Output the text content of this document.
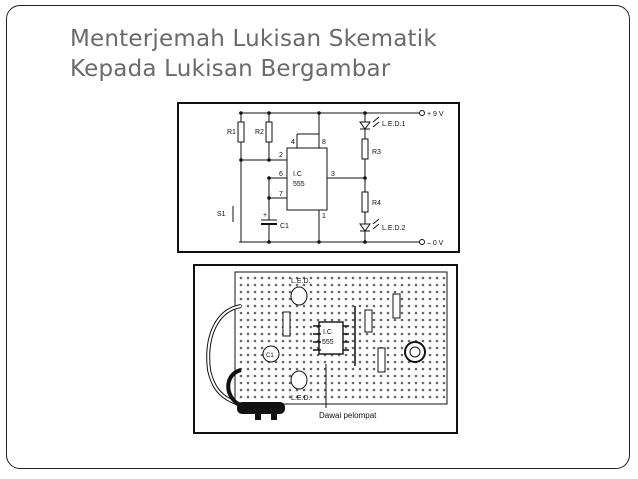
Menterjemah Lukisan Skematik
Kepada Lukisan Bergambar
R1	R2
R3
R4
S1
C1
+
L.E.D.1
L.E.D.2
+ 9 V
– 0 V
I.C
555
4	8
2
6
7
3
1
L.E.D.
L.E.D.
I.C
555
C1
Dawai pelompat
